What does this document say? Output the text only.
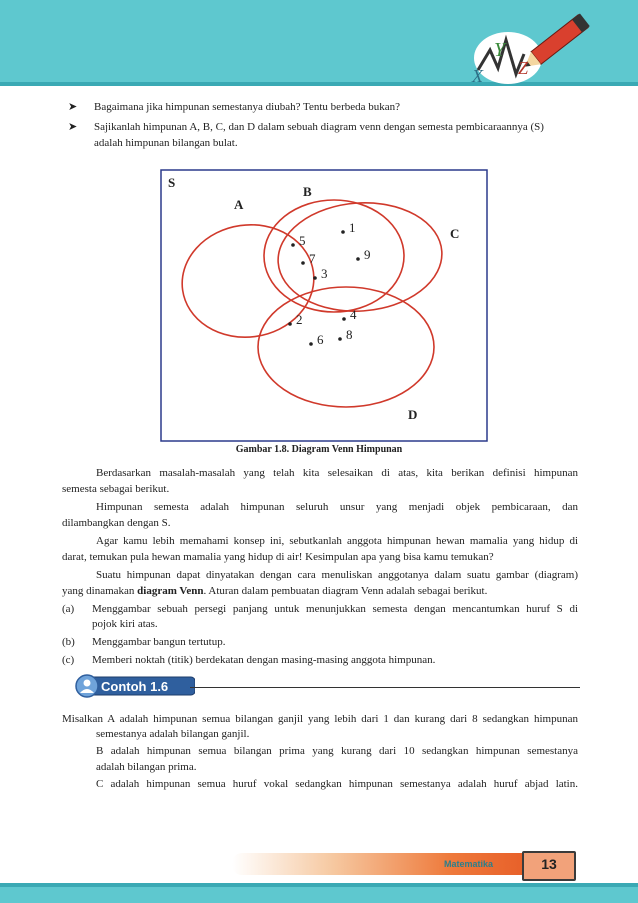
X
Y
Z
➤ Bagaimana jika himpunan semestanya diubah? Tentu berbeda bukan?
➤ Sajikanlah himpunan A, B, C, dan D dalam sebuah diagram venn dengan semesta pembicaraannya (S)
adalah himpunan bilangan bulat.
S
A
B
C
D
1
5
9
7
3
2	4
6 8
Gambar 1.8. Diagram Venn Himpunan
Berdasarkan masalah-masalah yang telah kita selesaikan di atas, kita berikan definisi himpunan
semesta sebagai berikut.
Himpunan semesta adalah himpunan seluruh unsur yang menjadi objek pembicaraan, dan
dilambangkan dengan S.
Agar kamu lebih memahami konsep ini, sebutkanlah anggota himpunan hewan mamalia yang hidup di
darat, temukan pula hewan mamalia yang hidup di air! Kesimpulan apa yang bisa kamu temukan?
Suatu himpunan dapat dinyatakan dengan cara menuliskan anggotanya dalam suatu gambar (diagram)
yang dinamakan diagram Venn. Aturan dalam pembuatan diagram Venn adalah sebagai berikut.
(a) Menggambar sebuah persegi panjang untuk menunjukkan semesta dengan mencantumkan huruf S di
pojok kiri atas.
(b) Menggambar bangun tertutup.
(c) Memberi noktah (titik) berdekatan dengan masing-masing anggota himpunan.
Contoh 1.6
Misalkan A adalah himpunan semua bilangan ganjil yang lebih dari 1 dan kurang dari 8 sedangkan himpunan
semestanya adalah bilangan ganjil.
B adalah himpunan semua bilangan prima yang kurang dari 10 sedangkan himpunan semestanya
adalah bilangan prima.
C adalah himpunan semua huruf vokal sedangkan himpunan semestanya adalah huruf abjad latin.
Matematika	13
